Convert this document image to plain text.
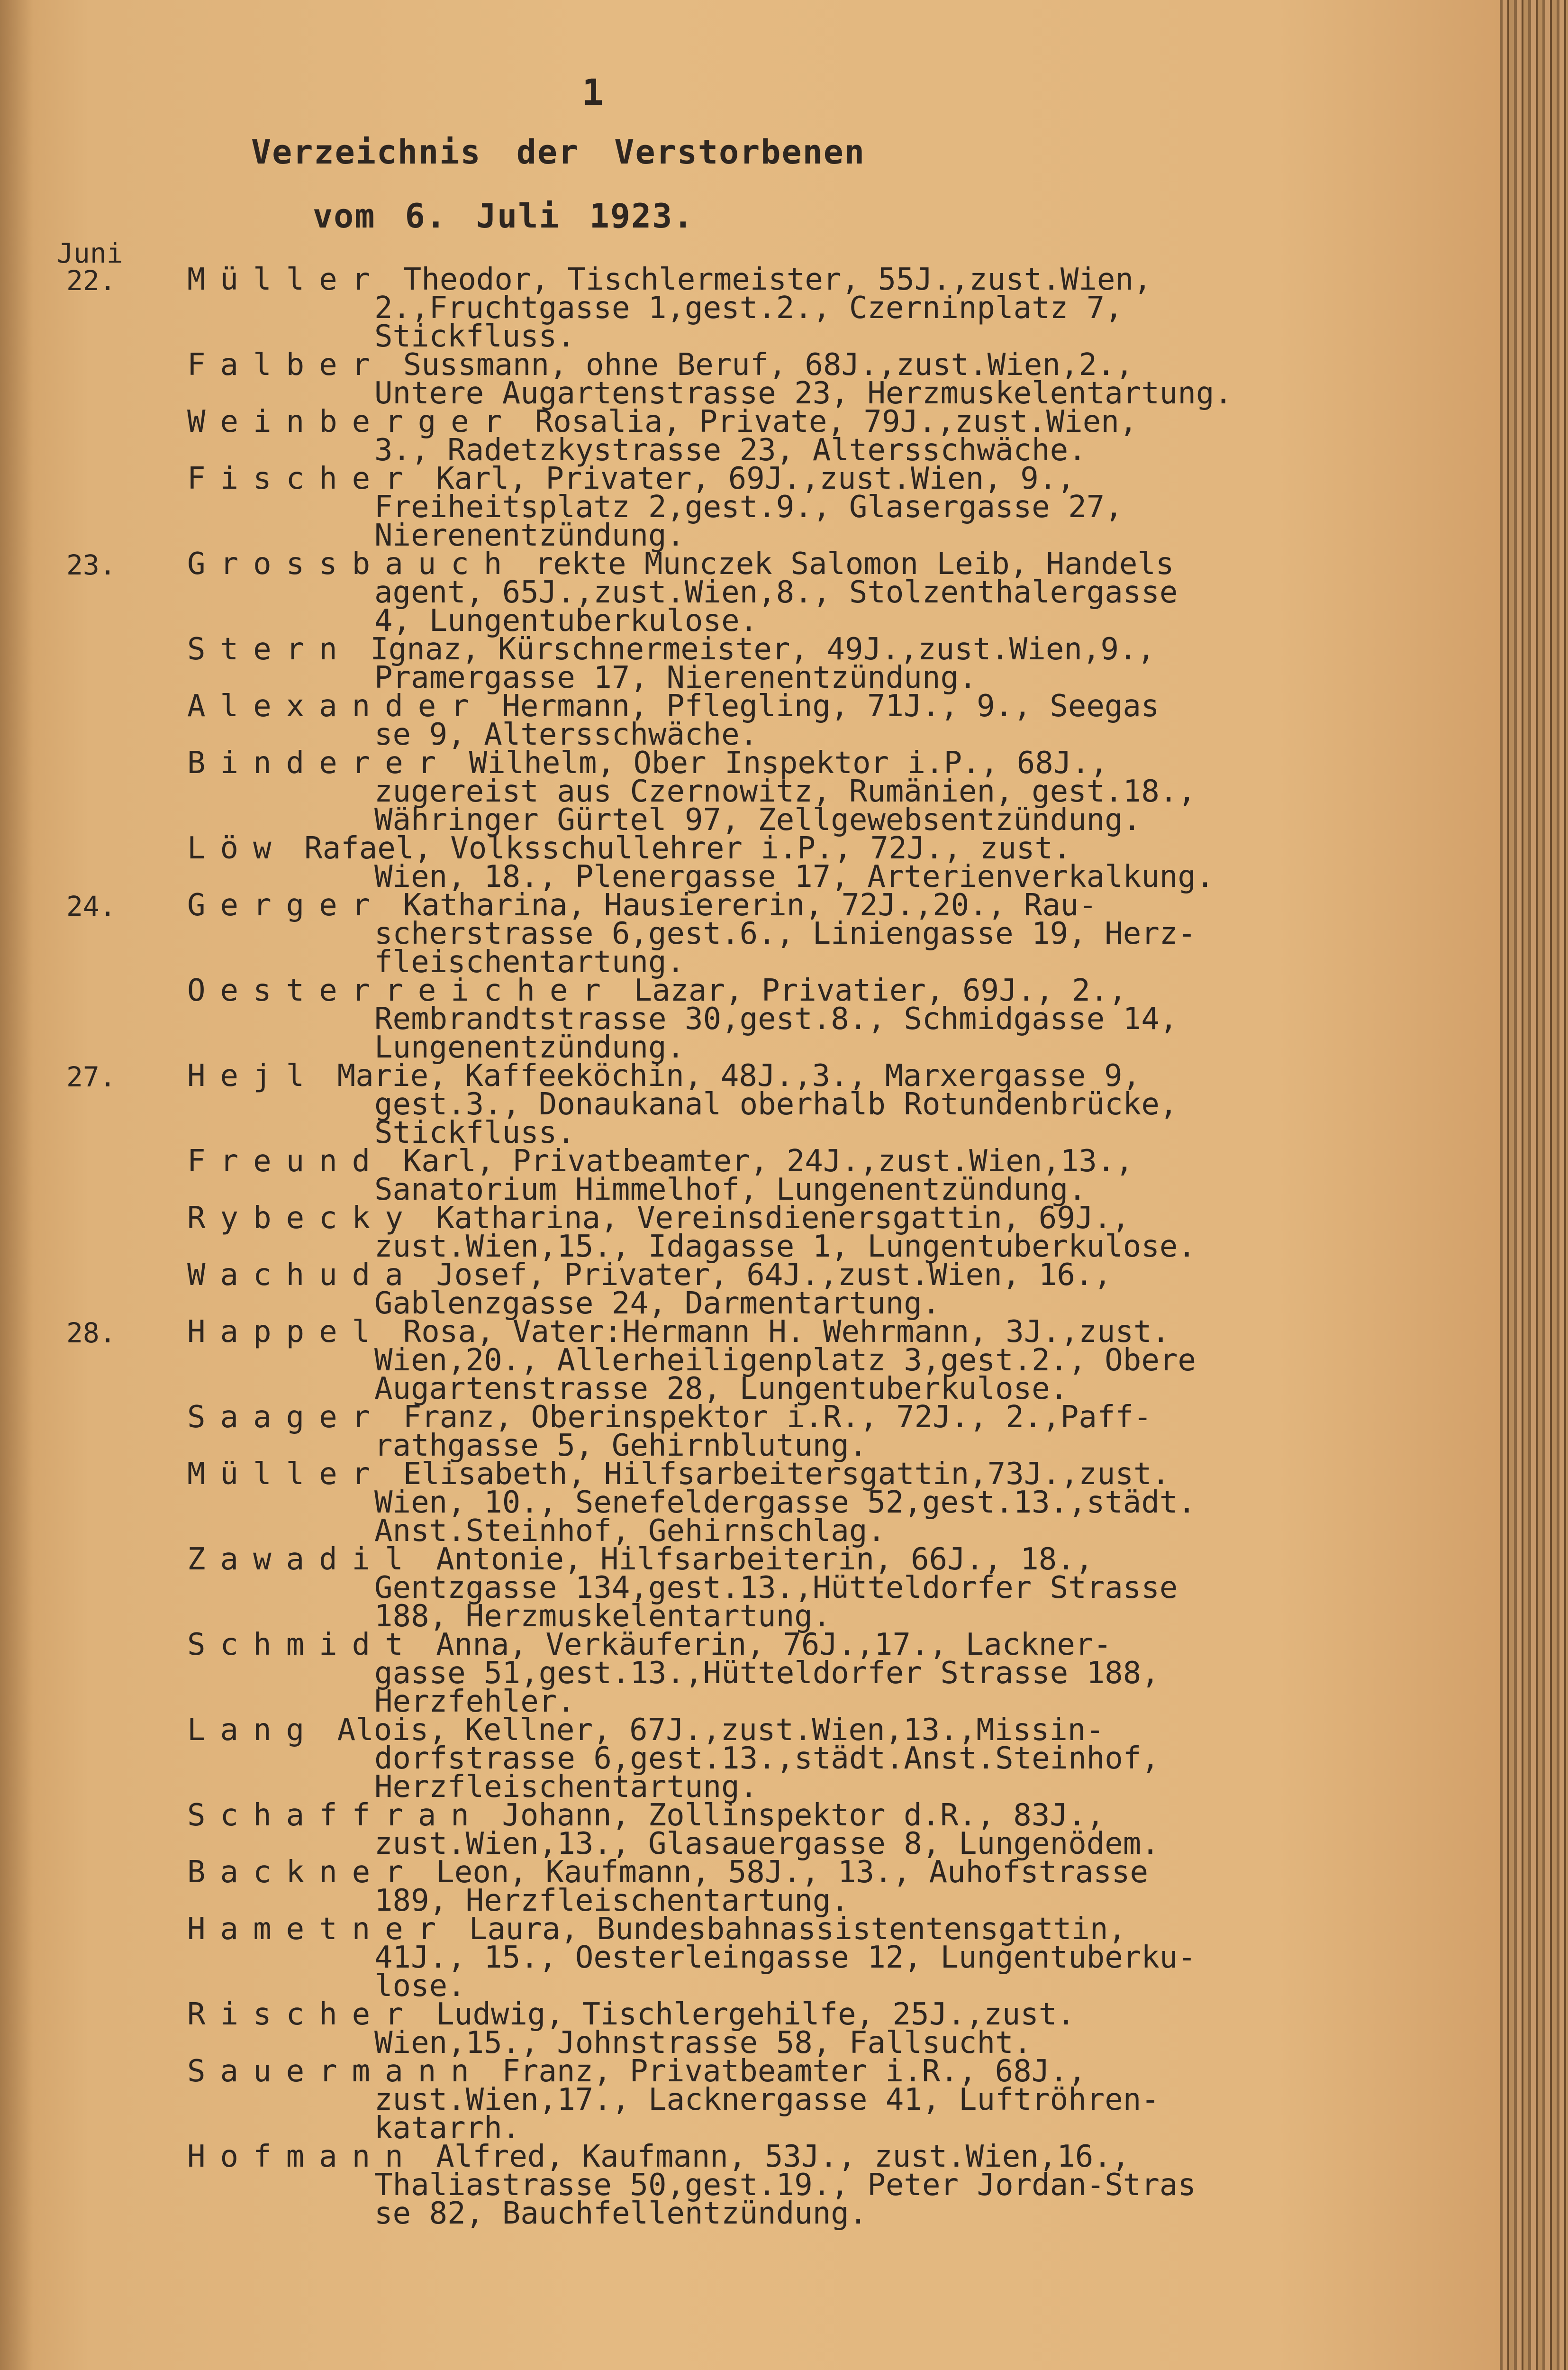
1
Verzeichnis der Verstorbenen
vom 6. Juli 1923.
Juni
22.	Müller Theodor, Tischlermeister, 55J.,zust.Wien,
2.,Fruchtgasse 1,gest.2., Czerninplatz 7,
Stickfluss.
Falber Sussmann, ohne Beruf, 68J.,zust.Wien,2.,
Untere Augartenstrasse 23, Herzmuskelentartung.
Weinberger Rosalia, Private, 79J.,zust.Wien,
3., Radetzkystrasse 23, Altersschwäche.
Fischer Karl, Privater, 69J.,zust.Wien, 9.,
Freiheitsplatz 2,gest.9., Glasergasse 27,
Nierenentzündung.
23.	Grossbauch rekte Munczek Salomon Leib, Handels
agent, 65J.,zust.Wien,8., Stolzenthalergasse
4, Lungentuberkulose.
Stern Ignaz, Kürschnermeister, 49J.,zust.Wien,9.,
Pramergasse 17, Nierenentzündung.
Alexander Hermann, Pflegling, 71J., 9., Seegas
se 9, Altersschwäche.
Binderer Wilhelm, Ober Inspektor i.P., 68J.,
zugereist aus Czernowitz, Rumänien, gest.18.,
Währinger Gürtel 97, Zellgewebsentzündung.
Löw Rafael, Volksschullehrer i.P., 72J., zust.
Wien, 18., Plenergasse 17, Arterienverkalkung.
24.	Gerger Katharina, Hausiererin, 72J.,20., Rau-
scherstrasse 6,gest.6., Liniengasse 19, Herz-
fleischentartung.
Oesterreicher Lazar, Privatier, 69J., 2.,
Rembrandtstrasse 30,gest.8., Schmidgasse 14,
Lungenentzündung.
27.	Hejl Marie, Kaffeeköchin, 48J.,3., Marxergasse 9,
gest.3., Donaukanal oberhalb Rotundenbrücke,
Stickfluss.
Freund Karl, Privatbeamter, 24J.,zust.Wien,13.,
Sanatorium Himmelhof, Lungenentzündung.
Rybecky Katharina, Vereinsdienersgattin, 69J.,
zust.Wien,15., Idagasse 1, Lungentuberkulose.
Wachuda Josef, Privater, 64J.,zust.Wien, 16.,
Gablenzgasse 24, Darmentartung.
28.	Happel Rosa, Vater:Hermann H. Wehrmann, 3J.,zust.
Wien,20., Allerheiligenplatz 3,gest.2., Obere
Augartenstrasse 28, Lungentuberkulose.
Saager Franz, Oberinspektor i.R., 72J., 2.,Paff-
rathgasse 5, Gehirnblutung.
Müller Elisabeth, Hilfsarbeitersgattin,73J.,zust.
Wien, 10., Senefeldergasse 52,gest.13.,städt.
Anst.Steinhof, Gehirnschlag.
Zawadil Antonie, Hilfsarbeiterin, 66J., 18.,
Gentzgasse 134,gest.13.,Hütteldorfer Strasse
188, Herzmuskelentartung.
Schmidt Anna, Verkäuferin, 76J.,17., Lackner-
gasse 51,gest.13.,Hütteldorfer Strasse 188,
Herzfehler.
Lang Alois, Kellner, 67J.,zust.Wien,13.,Missin-
dorfstrasse 6,gest.13.,städt.Anst.Steinhof,
Herzfleischentartung.
Schaffran Johann, Zollinspektor d.R., 83J.,
zust.Wien,13., Glasauergasse 8, Lungenödem.
Backner Leon, Kaufmann, 58J., 13., Auhofstrasse
189, Herzfleischentartung.
Hametner Laura, Bundesbahnassistentensgattin,
41J., 15., Oesterleingasse 12, Lungentuberku-
lose.
Rischer Ludwig, Tischlergehilfe, 25J.,zust.
Wien,15., Johnstrasse 58, Fallsucht.
Sauermann Franz, Privatbeamter i.R., 68J.,
zust.Wien,17., Lacknergasse 41, Luftröhren-
katarrh.
Hofmann Alfred, Kaufmann, 53J., zust.Wien,16.,
Thaliastrasse 50,gest.19., Peter Jordan-Stras
se 82, Bauchfellentzündung.
